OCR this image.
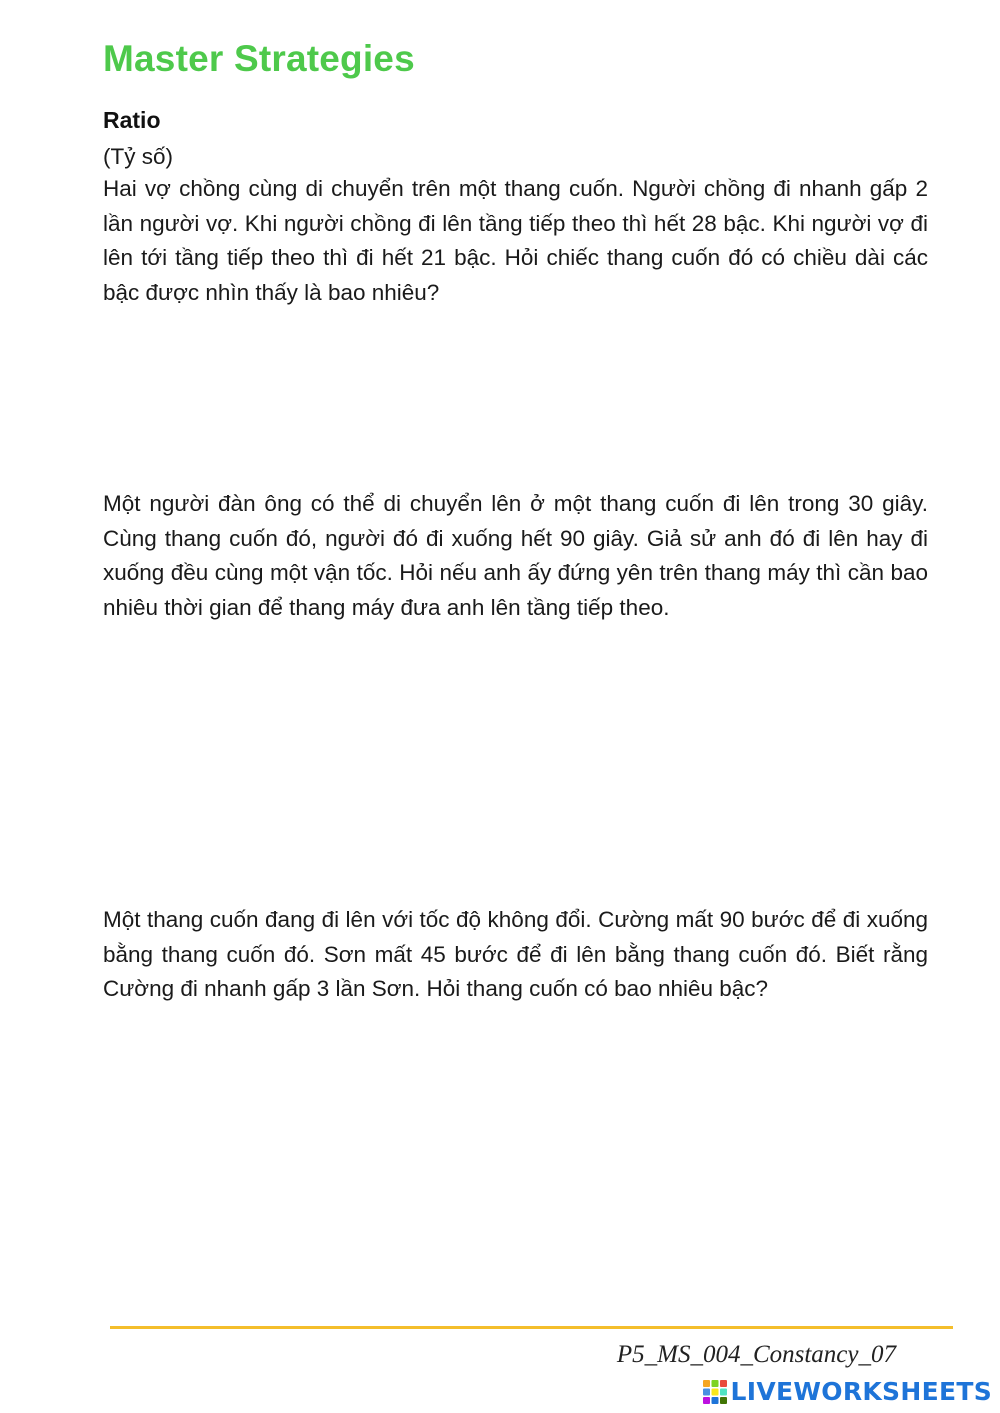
Master Strategies
Ratio

(Tỷ số)

Hai vợ chồng cùng di chuyển trên một thang cuốn. Người chồng đi nhanh gấp 2 lần người vợ. Khi người chồng đi lên tầng tiếp theo thì hết 28 bậc. Khi người vợ đi lên tới tầng tiếp theo thì đi hết 21 bậc. Hỏi chiếc thang cuốn đó có chiều dài các bậc được nhìn thấy là bao nhiêu?

Một người đàn ông có thể di chuyển lên ở một thang cuốn đi lên trong 30 giây. Cùng thang cuốn đó, người đó đi xuống hết 90 giây. Giả sử anh đó đi lên hay đi xuống đều cùng một vận tốc. Hỏi nếu anh ấy đứng yên trên thang máy thì cần bao nhiêu thời gian để thang máy đưa anh lên tầng tiếp theo.

Một thang cuốn đang đi lên với tốc độ không đổi. Cường mất 90 bước để đi xuống bằng thang cuốn đó. Sơn mất 45 bước để đi lên bằng thang cuốn đó. Biết rằng Cường đi nhanh gấp 3 lần Sơn. Hỏi thang cuốn có bao nhiêu bậc?

P5_MS_004_Constancy_07

LIVEWORKSHEETS
